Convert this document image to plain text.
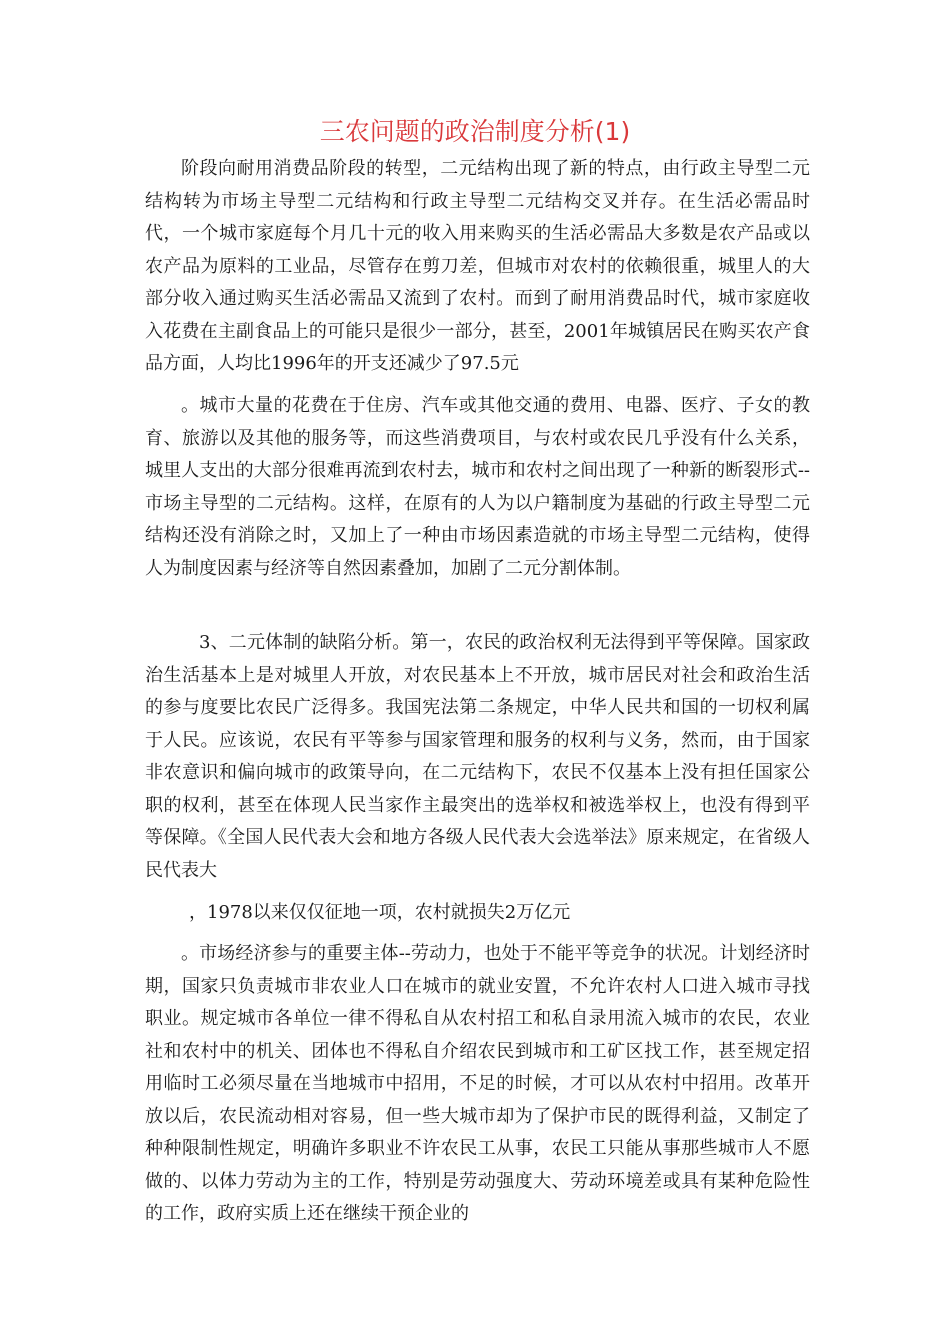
三农问题的政治制度分析(1)

阶段向耐用消费品阶段的转型，二元结构出现了新的特点，由行政主导型二元结构转为市场主导型二元结构和行政主导型二元结构交叉并存。在生活必需品时代，一个城市家庭每个月几十元的收入用来购买的生活必需品大多数是农产品或以农产品为原料的工业品，尽管存在剪刀差，但城市对农村的依赖很重，城里人的大部分收入通过购买生活必需品又流到了农村。而到了耐用消费品时代，城市家庭收入花费在主副食品上的可能只是很少一部分，甚至，2001年城镇居民在购买农产食品方面，人均比1996年的开支还减少了97.5元

。城市大量的花费在于住房、汽车或其他交通的费用、电器、医疗、子女的教育、旅游以及其他的服务等，而这些消费项目，与农村或农民几乎没有什么关系，城里人支出的大部分很难再流到农村去，城市和农村之间出现了一种新的断裂形式--市场主导型的二元结构。这样，在原有的人为以户籍制度为基础的行政主导型二元结构还没有消除之时，又加上了一种由市场因素造就的市场主导型二元结构，使得人为制度因素与经济等自然因素叠加，加剧了二元分割体制。

3、二元体制的缺陷分析。第一，农民的政治权利无法得到平等保障。国家政治生活基本上是对城里人开放，对农民基本上不开放，城市居民对社会和政治生活的参与度要比农民广泛得多。我国宪法第二条规定，中华人民共和国的一切权利属于人民。应该说，农民有平等参与国家管理和服务的权利与义务，然而，由于国家非农意识和偏向城市的政策导向，在二元结构下，农民不仅基本上没有担任国家公职的权利，甚至在体现人民当家作主最突出的选举权和被选举权上，也没有得到平等保障。《全国人民代表大会和地方各级人民代表大会选举法》原来规定，在省级人民代表大

，1978以来仅仅征地一项，农村就损失2万亿元

。市场经济参与的重要主体--劳动力，也处于不能平等竞争的状况。计划经济时期，国家只负责城市非农业人口在城市的就业安置，不允许农村人口进入城市寻找职业。规定城市各单位一律不得私自从农村招工和私自录用流入城市的农民，农业社和农村中的机关、团体也不得私自介绍农民到城市和工矿区找工作，甚至规定招用临时工必须尽量在当地城市中招用，不足的时候，才可以从农村中招用。改革开放以后，农民流动相对容易，但一些大城市却为了保护市民的既得利益，又制定了种种限制性规定，明确许多职业不许农民工从事，农民工只能从事那些城市人不愿做的、以体力劳动为主的工作，特别是劳动强度大、劳动环境差或具有某种危险性的工作，政府实质上还在继续干预企业的
